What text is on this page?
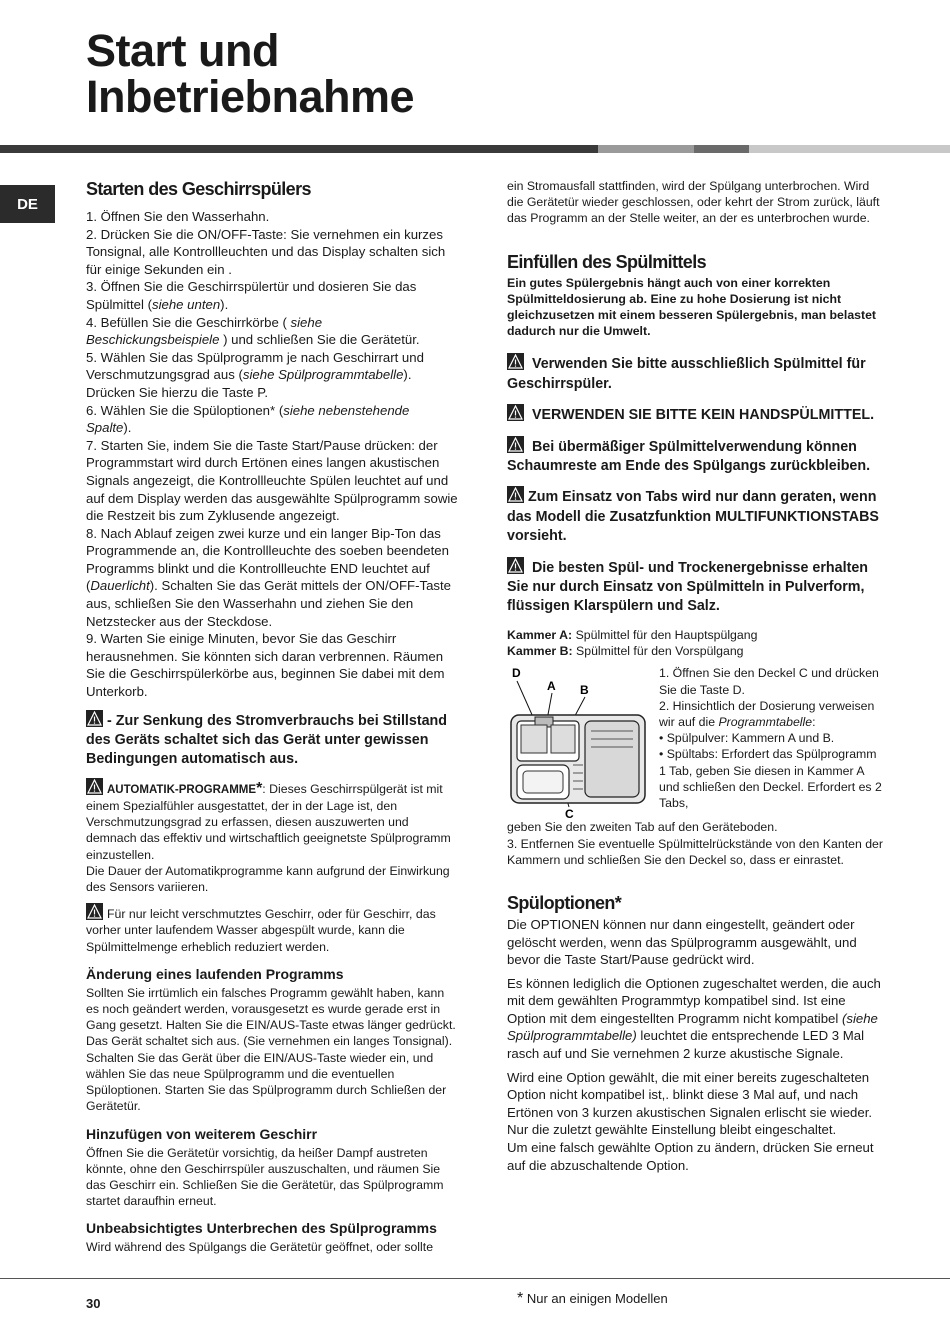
Start und
Inbetriebnahme
DE
Starten des Geschirrspülers

1. Öffnen Sie den Wasserhahn.

2. Drücken Sie die ON/OFF-Taste: Sie vernehmen ein kurzes Tonsignal, alle Kontrollleuchten und das Display schalten sich für einige Sekunden ein .

3. Öffnen Sie die Geschirrspülertür und dosieren Sie das Spülmittel (siehe unten).

4. Befüllen Sie die Geschirrkörbe ( siehe Beschickungsbeispiele ) und schließen Sie die Gerätetür.

5. Wählen Sie das Spülprogramm je nach Geschirrart und Verschmutzungsgrad aus (siehe Spülprogrammtabelle). Drücken Sie hierzu die Taste P.

6. Wählen Sie die Spüloptionen* (siehe nebenstehende Spalte).

7. Starten Sie, indem Sie die Taste Start/Pause drücken: der Programmstart wird durch Ertönen eines langen akustischen Signals angezeigt, die Kontrollleuchte Spülen leuchtet auf und auf dem Display werden das ausgewählte Spülprogramm sowie die Restzeit bis zum Zyklusende angezeigt.

8. Nach Ablauf zeigen zwei kurze und ein langer Bip-Ton das Programmende an, die Kontrollleuchte des soeben beendeten Programms blinkt und die Kontrollleuchte END leuchtet auf (Dauerlicht). Schalten Sie das Gerät mittels der ON/OFF-Taste aus, schließen Sie den Wasserhahn und ziehen Sie den Netzstecker aus der Steckdose.

9. Warten Sie einige Minuten, bevor Sie das Geschirr herausnehmen. Sie könnten sich daran verbrennen. Räumen Sie die Geschirrspülerkörbe aus, beginnen Sie dabei mit dem Unterkorb.

- Zur Senkung des Stromverbrauchs bei Stillstand des Geräts schaltet sich das Gerät unter gewissen Bedingungen automatisch aus.

AUTOMATIK-PROGRAMME*: Dieses Geschirrspülgerät ist mit einem Spezialfühler ausgestattet, der in der Lage ist, den Verschmutzungsgrad zu erfassen, diesen auszuwerten und demnach das effektiv und wirtschaftlich geeignetste Spülprogramm einzustellen.
Die Dauer der Automatikprogramme kann aufgrund der Einwirkung des Sensors variieren.

Für nur leicht verschmutztes Geschirr, oder für Geschirr, das vorher unter laufendem Wasser abgespült wurde, kann die Spülmittelmenge erheblich reduziert werden.

Änderung eines laufenden Programms

Sollten Sie irrtümlich ein falsches Programm gewählt haben, kann es noch geändert werden, vorausgesetzt es wurde gerade erst in Gang gesetzt. Halten Sie die EIN/AUS-Taste etwas länger gedrückt. Das Gerät schaltet sich aus. (Sie vernehmen ein langes Tonsignal). Schalten Sie das Gerät über die EIN/AUS-Taste wieder ein, und wählen Sie das neue Spülprogramm und die eventuellen Spüloptionen. Starten Sie das Spülprogramm durch Schließen der Gerätetür.

Hinzufügen von weiterem Geschirr

Öffnen Sie die Gerätetür vorsichtig, da heißer Dampf austreten könnte, ohne den Geschirrspüler auszuschalten, und räumen Sie das Geschirr ein. Schließen Sie die Gerätetür, das Spülprogramm startet daraufhin erneut.

Unbeabsichtigtes Unterbrechen des Spülprogramms

Wird während des Spülgangs die Gerätetür geöffnet, oder sollte

ein Stromausfall stattfinden, wird der Spülgang unterbrochen. Wird die Gerätetür wieder geschlossen, oder kehrt der Strom zurück, läuft das Programm an der Stelle weiter, an der es unterbrochen wurde.

Einfüllen des Spülmittels

Ein gutes Spülergebnis hängt auch von einer korrekten Spülmitteldosierung ab. Eine zu hohe Dosierung ist nicht gleichzusetzen mit einem besseren Spülergebnis, man belastet dadurch nur die Umwelt.

Verwenden Sie bitte ausschließlich Spülmittel für Geschirrspüler.

VERWENDEN SIE BITTE KEIN HANDSPÜLMITTEL.

Bei übermäßiger Spülmittelverwendung können Schaumreste am Ende des Spülgangs zurückbleiben.

Zum Einsatz von Tabs wird nur dann geraten, wenn das Modell die Zusatzfunktion MULTIFUNKTIONSTABS vorsieht.

Die besten Spül- und Trockenergebnisse erhalten Sie nur durch Einsatz von Spülmitteln in Pulverform, flüssigen Klarspülern und Salz.

Kammer A: Spülmittel für den Hauptspülgang

Kammer B: Spülmittel für den Vorspülgang

D
A B
C

1. Öffnen Sie den Deckel C und drücken Sie die Taste D.

2. Hinsichtlich der Dosierung verweisen wir auf die Programmtabelle:

• Spülpulver: Kammern A und B.

• Spültabs: Erfordert das Spülprogramm 1 Tab, geben Sie diesen in Kammer A und schließen den Deckel. Erfordert es 2 Tabs,

geben Sie den zweiten Tab auf den Geräteboden.

3. Entfernen Sie eventuelle Spülmittelrückstände von den Kanten der Kammern und schließen Sie den Deckel so, dass er einrastet.

Spüloptionen*

Die OPTIONEN können nur dann eingestellt, geändert oder gelöscht werden, wenn das Spülprogramm ausgewählt, und bevor die Taste Start/Pause gedrückt wird.

Es können lediglich die Optionen zugeschaltet werden, die auch mit dem gewählten Programmtyp kompatibel sind. Ist eine Option mit dem eingestellten Programm nicht kompatibel (siehe Spülprogrammtabelle) leuchtet die entsprechende LED 3 Mal rasch auf und Sie vernehmen 2 kurze akustische Signale.

Wird eine Option gewählt, die mit einer bereits zugeschalteten Option nicht kompatibel ist,. blinkt diese 3 Mal auf, und nach Ertönen von 3 kurzen akustischen Signalen erlischt sie wieder. Nur die zuletzt gewählte Einstellung bleibt eingeschaltet.

Um eine falsch gewählte Option zu ändern, drücken Sie erneut auf die abzuschaltende Option.

30	* Nur an einigen Modellen
